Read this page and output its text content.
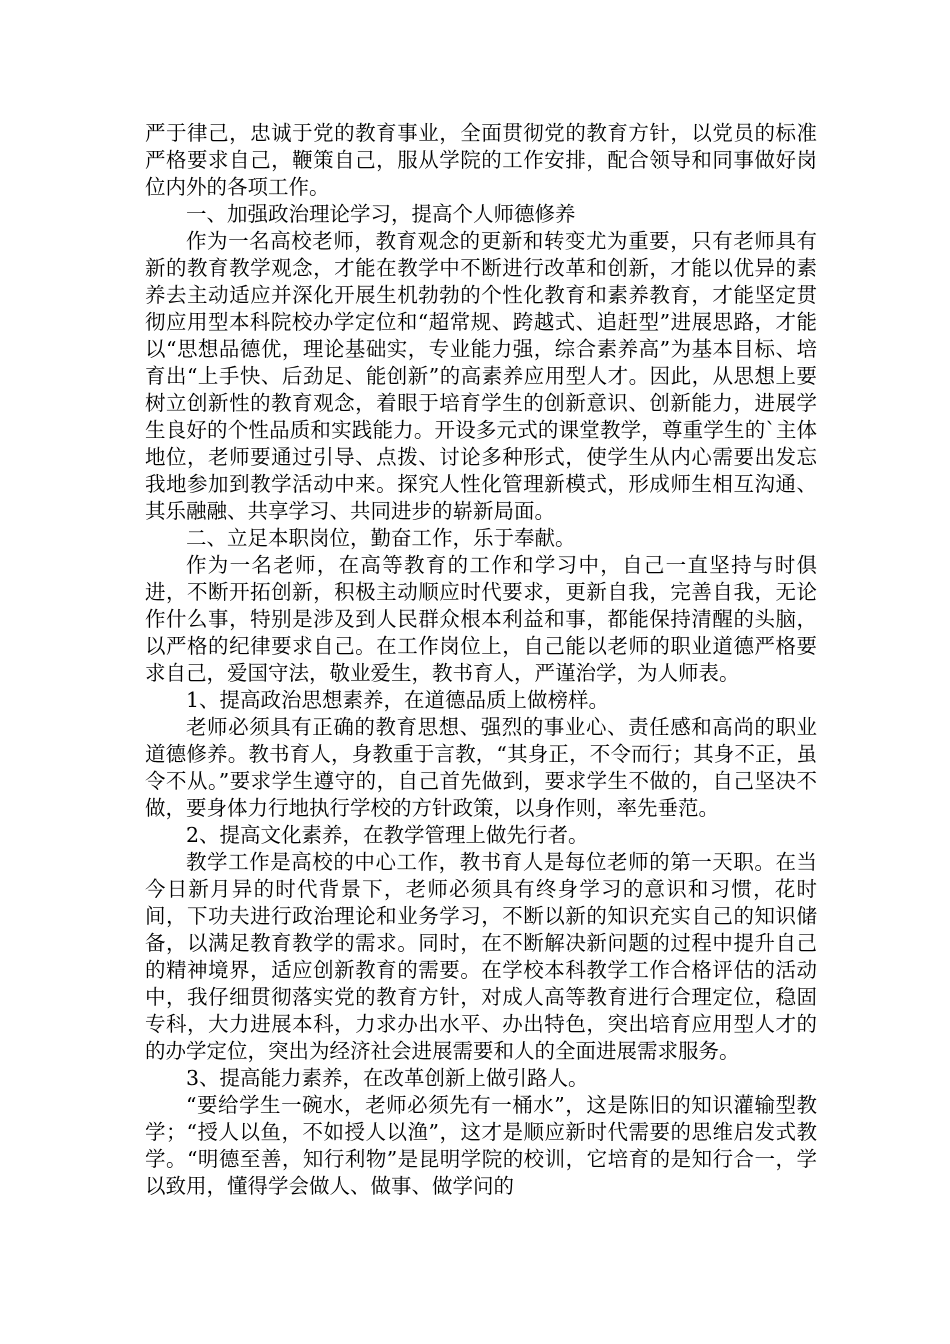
严于律己，忠诚于党的教育事业，全面贯彻党的教育方针，以党员的标准严格要求自己，鞭策自己，服从学院的工作安排，配合领导和同事做好岗位内外的各项工作。

一、加强政治理论学习，提高个人师德修养

作为一名高校老师，教育观念的更新和转变尤为重要，只有老师具有新的教育教学观念，才能在教学中不断进行改革和创新，才能以优异的素养去主动适应并深化开展生机勃勃的个性化教育和素养教育，才能坚定贯彻应用型本科院校办学定位和“超常规、跨越式、追赶型”进展思路，才能以“思想品德优，理论基础实，专业能力强，综合素养高”为基本目标、培育出“上手快、后劲足、能创新”的高素养应用型人才。因此，从思想上要树立创新性的教育观念，着眼于培育学生的创新意识、创新能力，进展学生良好的个性品质和实践能力。开设多元式的课堂教学，尊重学生的`主体地位，老师要通过引导、点拨、讨论多种形式，使学生从内心需要出发忘我地参加到教学活动中来。探究人性化管理新模式，形成师生相互沟通、其乐融融、共享学习、共同进步的崭新局面。

二、立足本职岗位，勤奋工作，乐于奉献。

作为一名老师，在高等教育的工作和学习中，自己一直坚持与时俱进，不断开拓创新，积极主动顺应时代要求，更新自我，完善自我，无论作什么事，特别是涉及到人民群众根本利益和事，都能保持清醒的头脑，以严格的纪律要求自己。在工作岗位上，自己能以老师的职业道德严格要求自己，爱国守法，敬业爱生，教书育人，严谨治学，为人师表。

1、提高政治思想素养，在道德品质上做榜样。

老师必须具有正确的教育思想、强烈的事业心、责任感和高尚的职业道德修养。教书育人，身教重于言教，“其身正，不令而行；其身不正，虽令不从。”要求学生遵守的，自己首先做到，要求学生不做的，自己坚决不做，要身体力行地执行学校的方针政策，以身作则，率先垂范。

2、提高文化素养，在教学管理上做先行者。

教学工作是高校的中心工作，教书育人是每位老师的第一天职。在当今日新月异的时代背景下，老师必须具有终身学习的意识和习惯，花时间，下功夫进行政治理论和业务学习，不断以新的知识充实自己的知识储备，以满足教育教学的需求。同时，在不断解决新问题的过程中提升自己的精神境界，适应创新教育的需要。在学校本科教学工作合格评估的活动中，我仔细贯彻落实党的教育方针，对成人高等教育进行合理定位，稳固专科，大力进展本科，力求办出水平、办出特色，突出培育应用型人才的的办学定位，突出为经济社会进展需要和人的全面进展需求服务。

3、提高能力素养，在改革创新上做引路人。

“要给学生一碗水，老师必须先有一桶水”，这是陈旧的知识灌输型教学；“授人以鱼，不如授人以渔”，这才是顺应新时代需要的思维启发式教学。“明德至善，知行利物”是昆明学院的校训，它培育的是知行合一，学以致用，懂得学会做人、做事、做学问的
